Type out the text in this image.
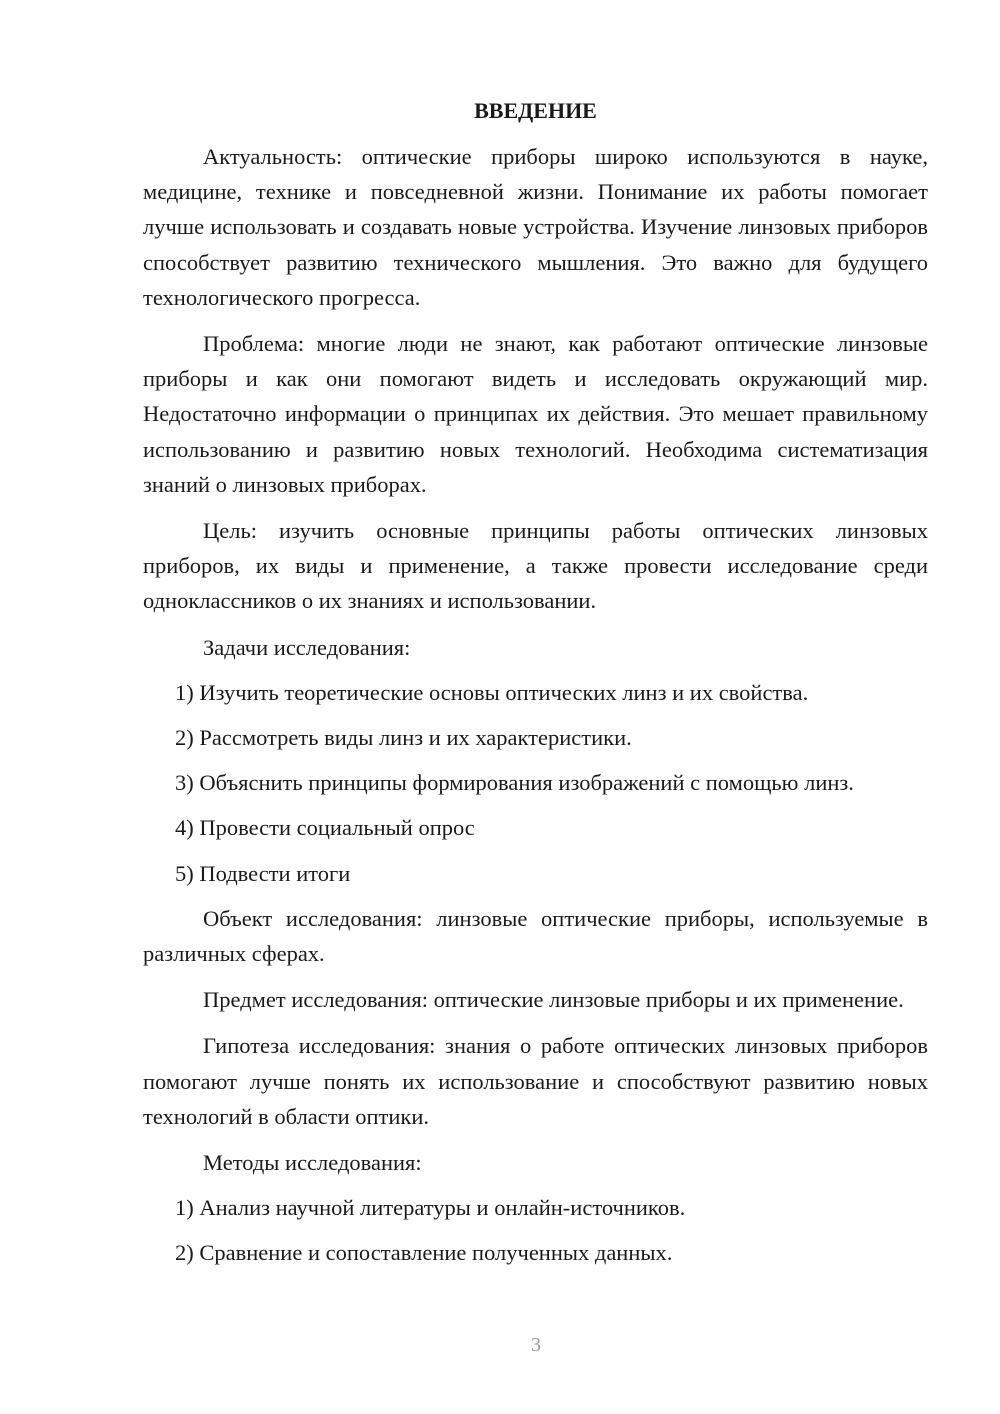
ВВЕДЕНИЕ

Актуальность: оптические приборы широко используются в науке, медицине, технике и повседневной жизни. Понимание их работы помогает лучше использовать и создавать новые устройства. Изучение линзовых приборов способствует развитию технического мышления. Это важно для будущего технологического прогресса.

Проблема: многие люди не знают, как работают оптические линзовые приборы и как они помогают видеть и исследовать окружающий мир. Недостаточно информации о принципах их действия. Это мешает правильному использованию и развитию новых технологий. Необходима систематизация знаний о линзовых приборах.

Цель: изучить основные принципы работы оптических линзовых приборов, их виды и применение, а также провести исследование среди одноклассников о их знаниях и использовании.

Задачи исследования:

1) Изучить теоретические основы оптических линз и их свойства.

2) Рассмотреть виды линз и их характеристики.

3) Объяснить принципы формирования изображений с помощью линз.

4) Провести социальный опрос

5) Подвести итоги

Объект исследования: линзовые оптические приборы, используемые в различных сферах.

Предмет исследования: оптические линзовые приборы и их применение.

Гипотеза исследования: знания о работе оптических линзовых приборов помогают лучше понять их использование и способствуют развитию новых технологий в области оптики.

Методы исследования:

1) Анализ научной литературы и онлайн-источников.

2) Сравнение и сопоставление полученных данных.

3
